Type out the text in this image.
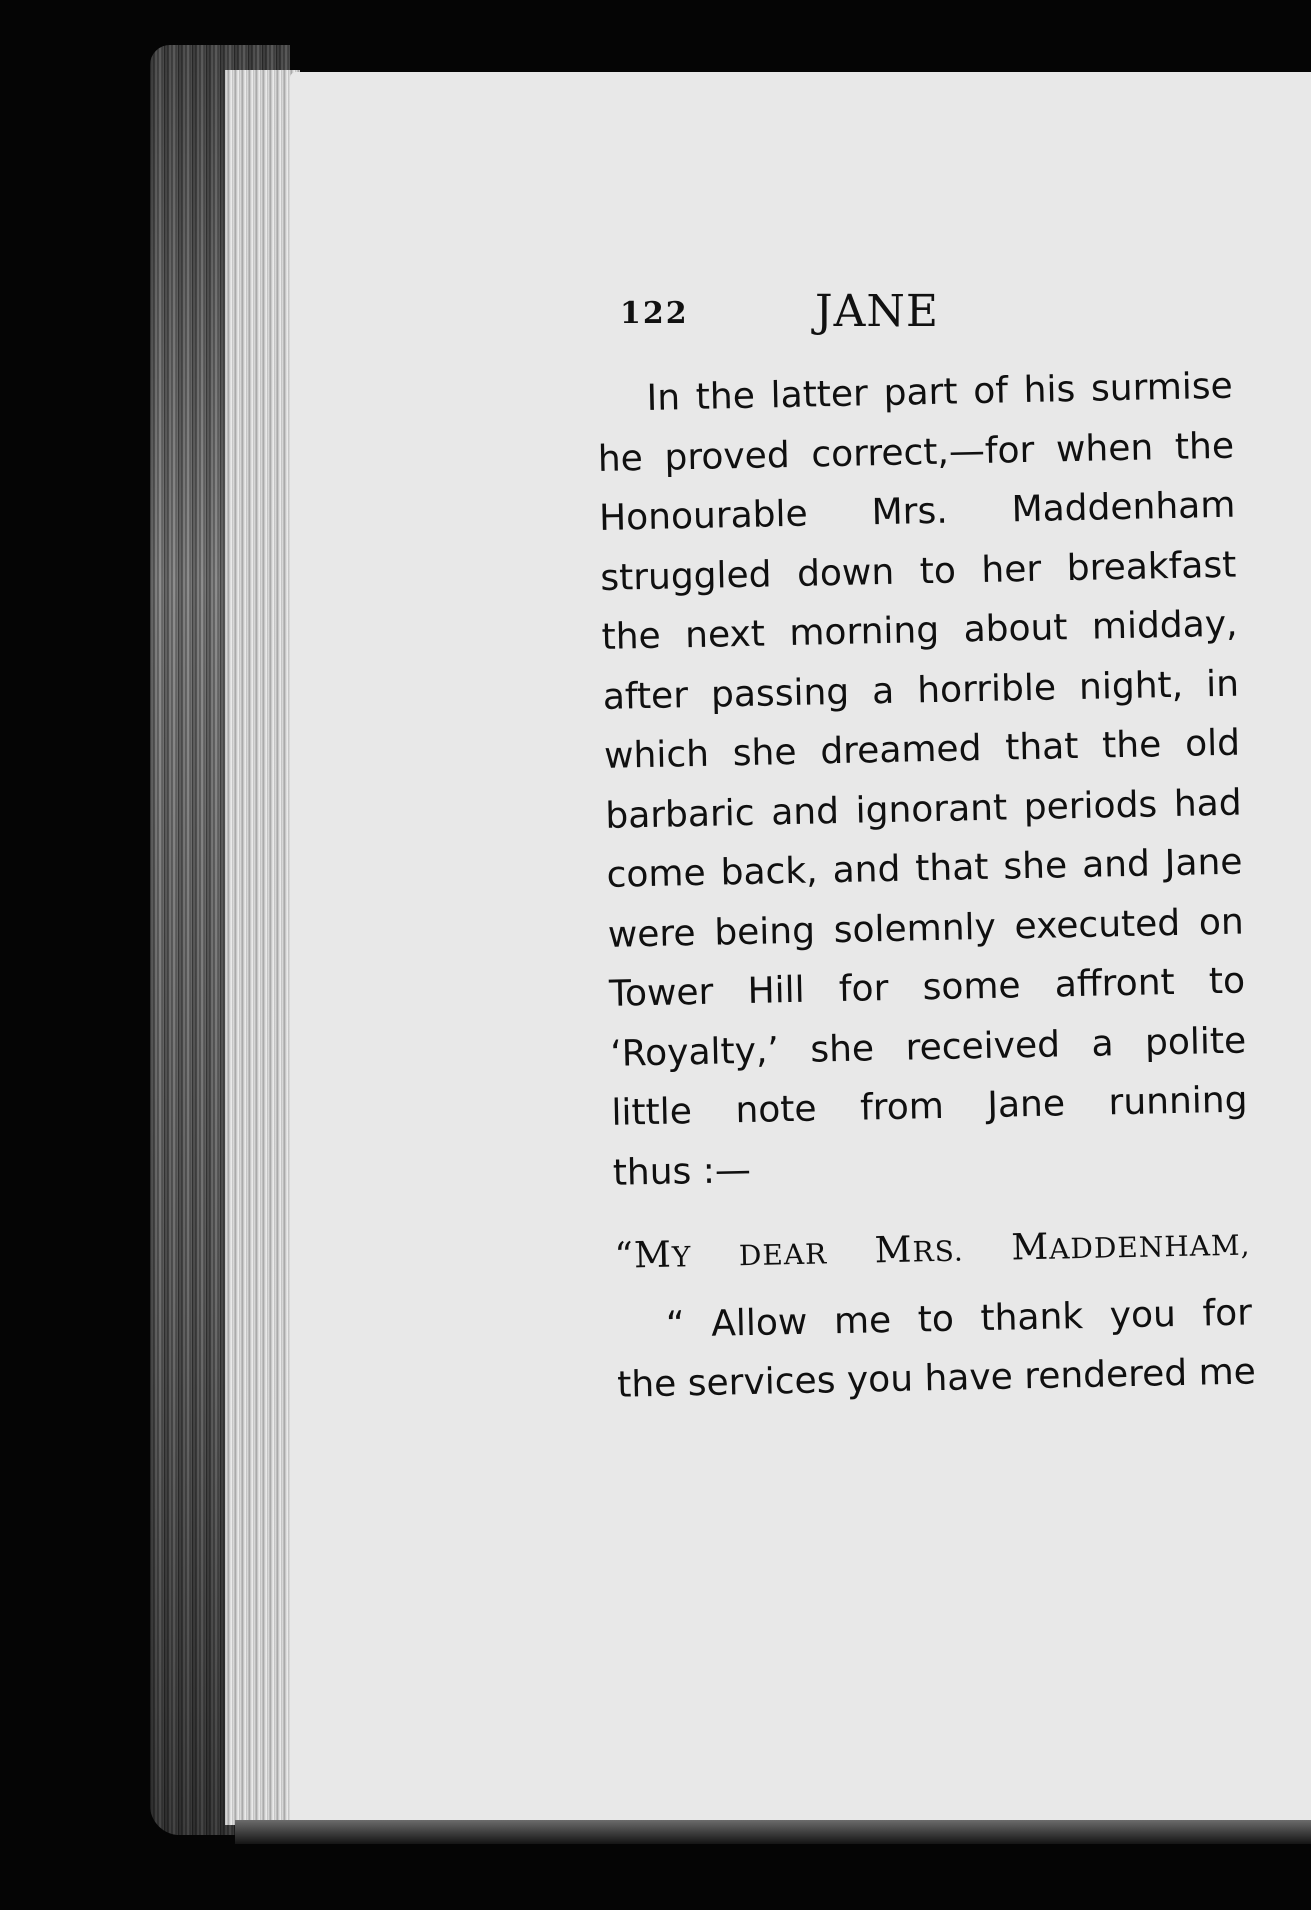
122	JANE
In the latter part of his surmise
he proved correct,—for when the
Honourable Mrs. Maddenham
struggled down to her breakfast
the next morning about midday,
after passing a horrible night, in
which she dreamed that the old
barbaric and ignorant periods had
come back, and that she and Jane
were being solemnly executed on
Tower Hill for some affront to
‘Royalty,’ she received a polite
little note from Jane running
thus :—
“MY DEAR MRS. MADDENHAM,
“ Allow me to thank you for
the services you have rendered me
